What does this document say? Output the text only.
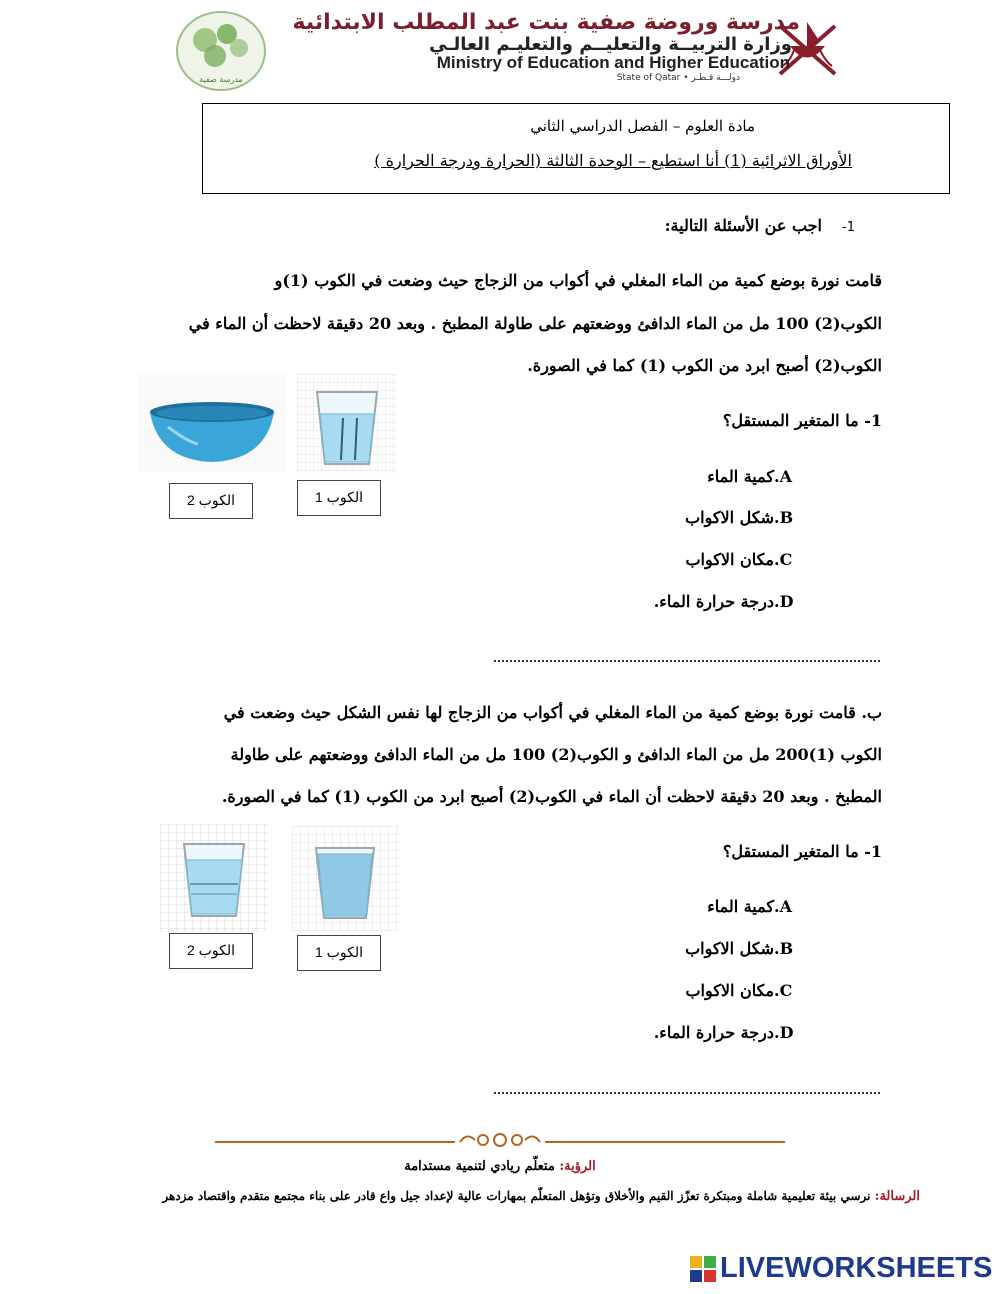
مدرسة صفية
مدرسة وروضة صفية بنت عبد المطلب الابتدائية
وزارة التربيــة والتعليــم والتعليـم العالـي
Ministry of Education and Higher Education
State of Qatar • دولـــة قـطـر
مادة العلوم – الفصل الدراسي الثاني
الأوراق الاثرائية (1) أنا استطيع – الوحدة الثالثة (الحرارة ودرجة الحرارة )
-1
اجب عن الأسئلة التالية:
قامت نورة بوضع كمية من الماء المغلي في أكواب من الزجاج حيث وضعت في الكوب (1)و
الكوب(2) 100 مل من الماء الدافئ ووضعتهم على طاولة المطبخ . وبعد 20 دقيقة لاحظت أن الماء في
الكوب(2) أصبح ابرد من الكوب (1) كما في الصورة.
الكوب 2	الكوب 1
1- ما المتغير المستقل؟
A.كمية الماء
B.شكل الاكواب
C.مكان الاكواب
D.درجة حرارة الماء.
ب. قامت نورة بوضع كمية من الماء المغلي في أكواب من الزجاج لها نفس الشكل حيث وضعت في
الكوب (1)200 مل من الماء الدافئ و الكوب(2) 100 مل من الماء الدافئ ووضعتهم على طاولة
المطبخ . وبعد 20 دقيقة لاحظت أن الماء في الكوب(2) أصبح ابرد من الكوب (1) كما في الصورة.
الكوب 2	الكوب 1
1- ما المتغير المستقل؟
A.كمية الماء
B.شكل الاكواب
C.مكان الاكواب
D.درجة حرارة الماء.
الرؤية: متعلّم ريادي لتنمية مستدامة
الرسالة: نرسي بيئة تعليمية شاملة ومبتكرة تعزّز القيم والأخلاق وتؤهل المتعلّم بمهارات عالية لإعداد جيل واع قادر على بناء مجتمع متقدم واقتصاد مزدهر
LIVEWORKSHEETS
